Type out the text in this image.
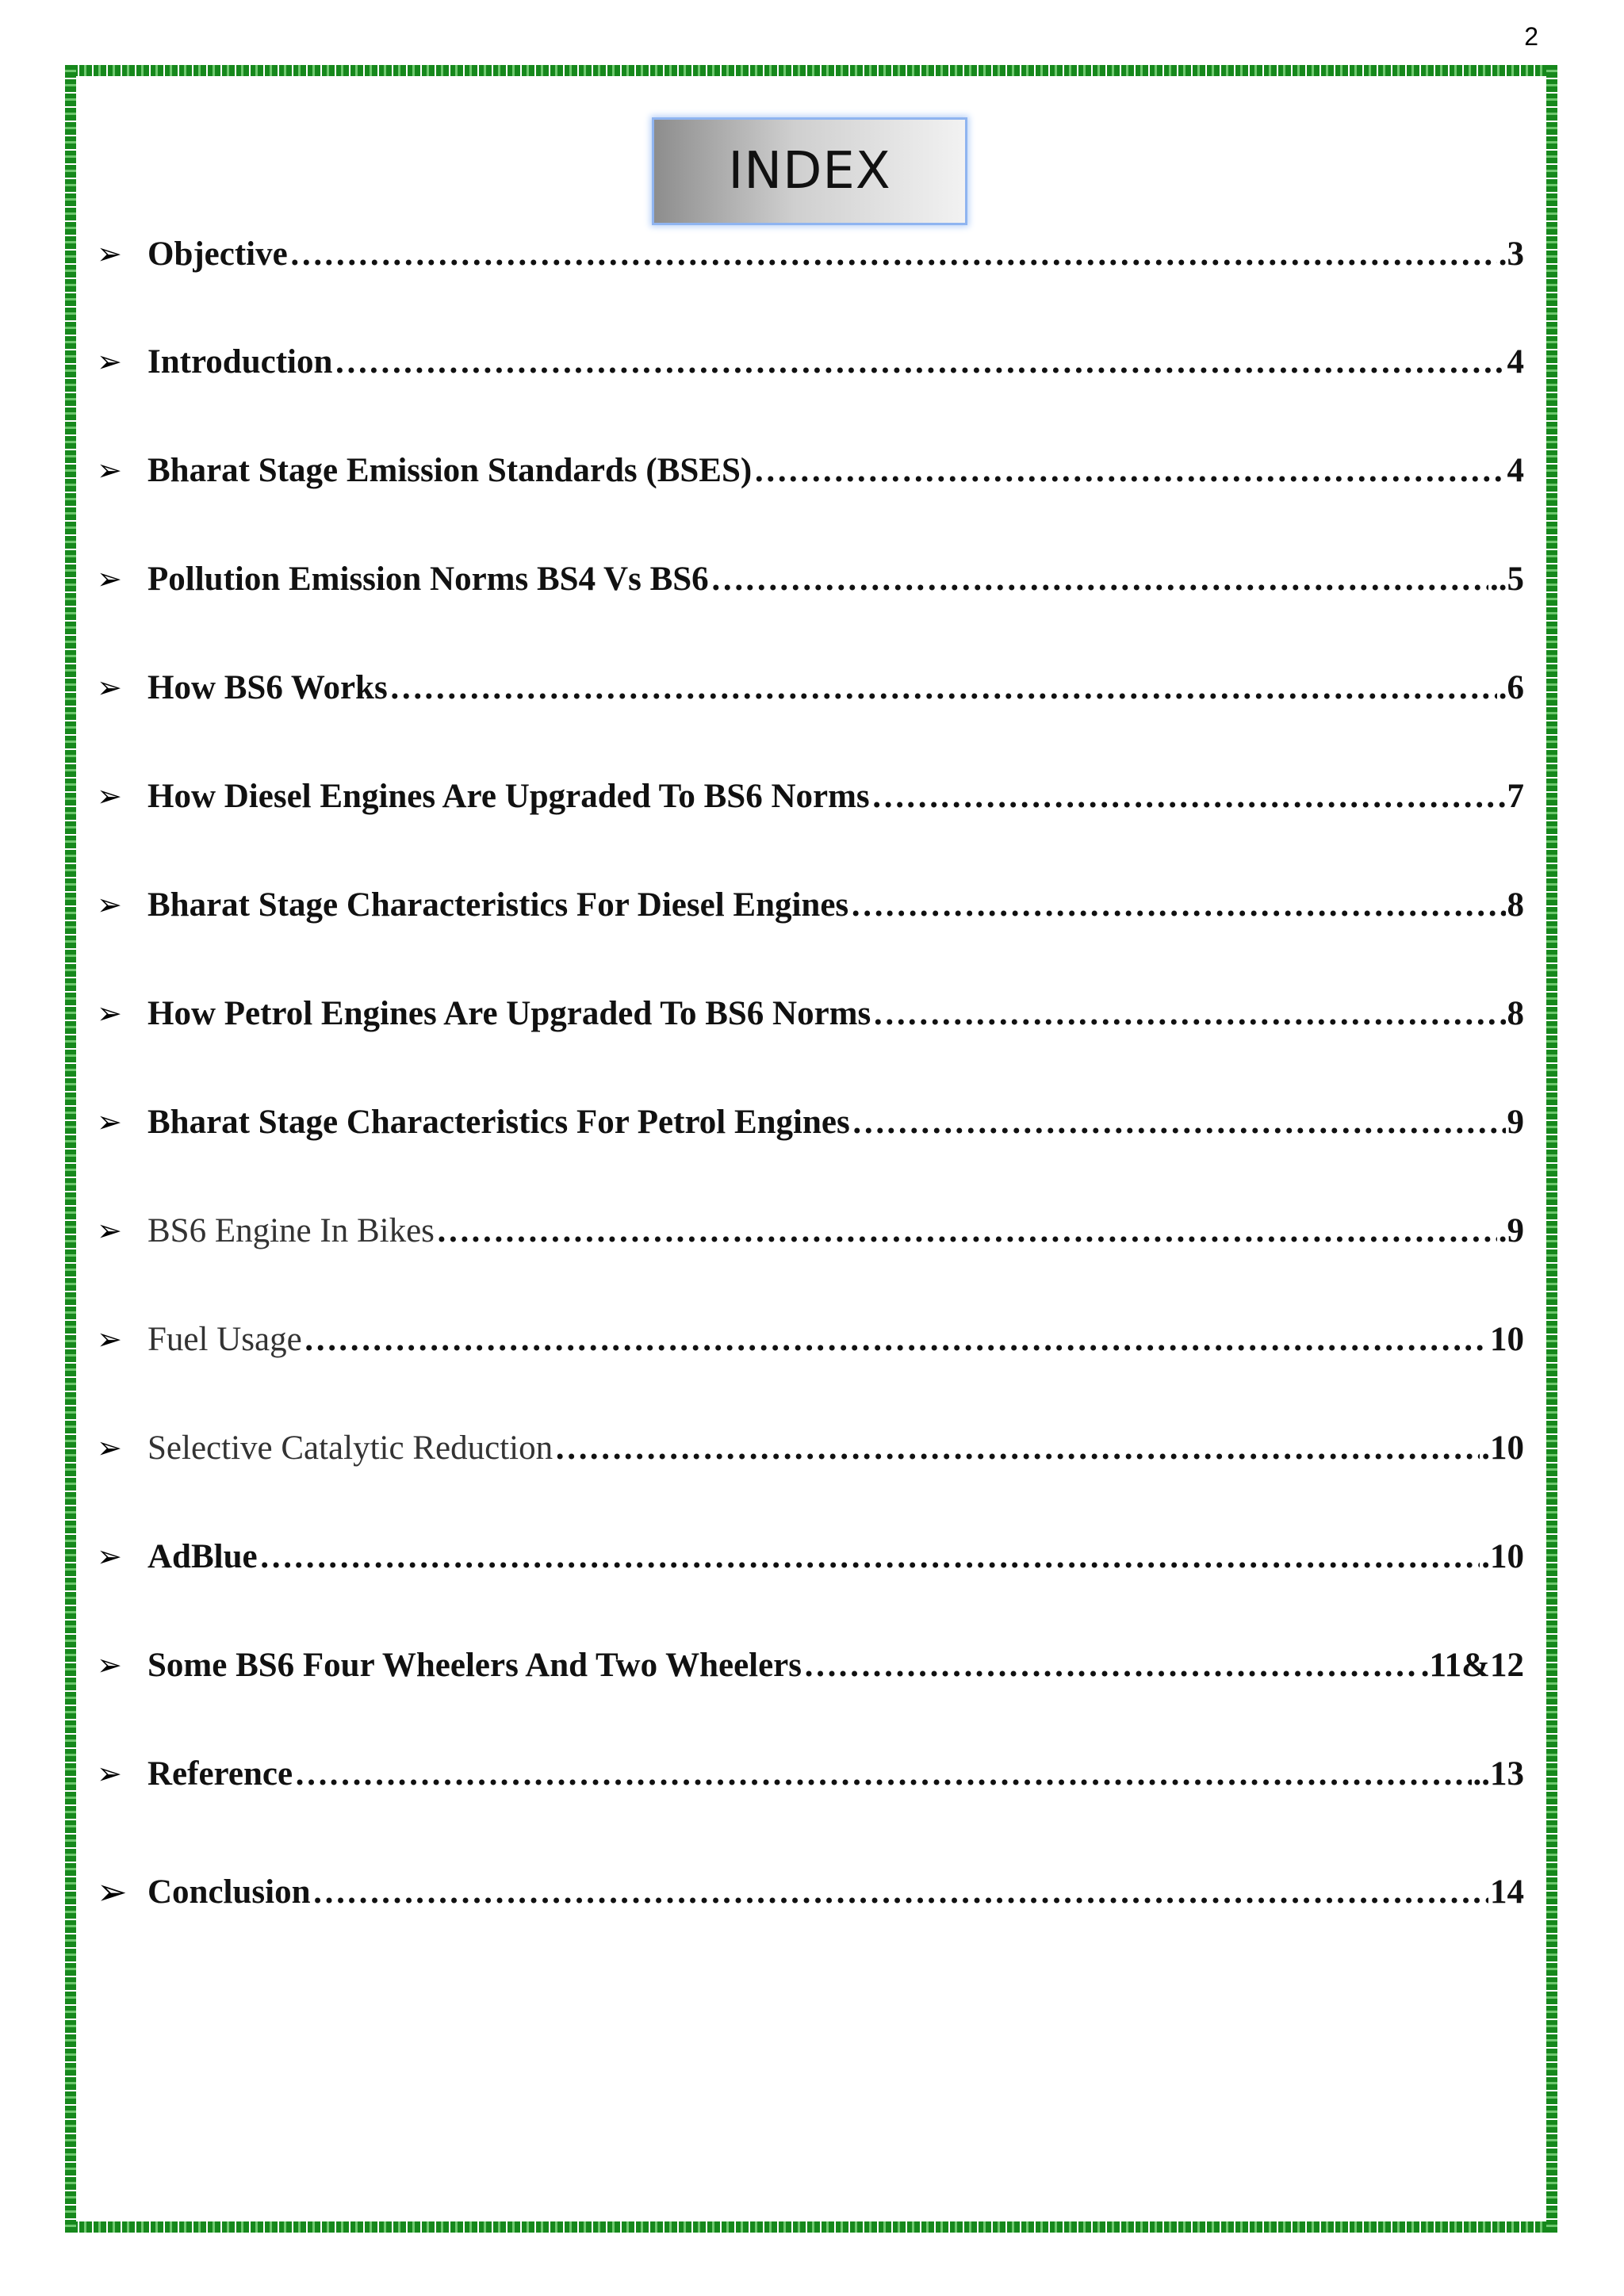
2
INDEX
➢ Objective ……………………………………………………………………………………………………………………………………………………………………………………………………	.3
➢ Introduction ……………………………………………………………………………………………………………………………………………………………………………………………………	4
➢ Bharat Stage Emission Standards (BSES) ……………………………………………………………………………………………………………………………………………………………………………………………………	4
➢ Pollution Emission Norms BS4 Vs BS6 ……………………………………………………………………………………………………………………………………………………………………………………………………	..5
➢ How BS6 Works ……………………………………………………………………………………………………………………………………………………………………………………………………	.6
➢ How Diesel Engines Are Upgraded To BS6 Norms ……………………………………………………………………………………………………………………………………………………………………………………………………	7
➢ Bharat Stage Characteristics For Diesel Engines ……………………………………………………………………………………………………………………………………………………………………………………………………	8
➢ How Petrol Engines Are Upgraded To BS6 Norms ……………………………………………………………………………………………………………………………………………………………………………………………………	8
➢ Bharat Stage Characteristics For Petrol Engines ……………………………………………………………………………………………………………………………………………………………………………………………………	9
➢ BS6 Engine In Bikes ……………………………………………………………………………………………………………………………………………………………………………………………………	.9
➢ Fuel Usage ……………………………………………………………………………………………………………………………………………………………………………………………………	10
➢ Selective Catalytic Reduction ……………………………………………………………………………………………………………………………………………………………………………………………………	.10
➢ AdBlue ……………………………………………………………………………………………………………………………………………………………………………………………………	.10
➢ Some BS6 Four Wheelers And Two Wheelers ……………………………………………………………………………………………………………………………………………………………………………………………………	.11&12
➢ Reference ……………………………………………………………………………………………………………………………………………………………………………………………………	..13
➢ Conclusion ……………………………………………………………………………………………………………………………………………………………………………………………………	14
